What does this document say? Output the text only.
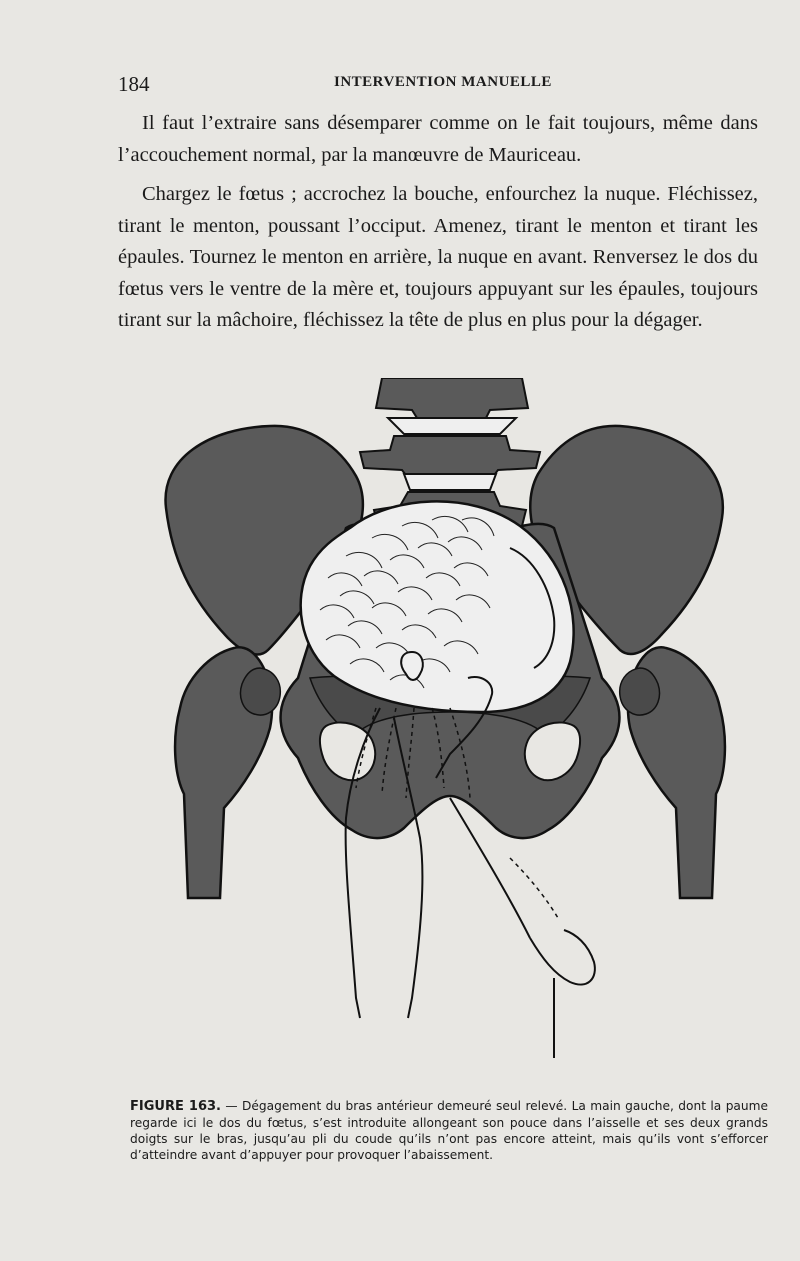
184	INTERVENTION MANUELLE

Il faut l’extraire sans désemparer comme on le fait toujours, même dans l’accouchement normal, par la manœuvre de Mauriceau.

Chargez le fœtus ; accrochez la bouche, enfourchez la nuque. Fléchissez, tirant le menton, poussant l’occiput. Amenez, tirant le menton et tirant les épaules. Tournez le menton en arrière, la nuque en avant. Renversez le dos du fœtus vers le ventre de la mère et, toujours appuyant sur les épaules, toujours tirant sur la mâchoire, fléchissez la tête de plus en plus pour la dégager.

FIGURE 163. — Dégagement du bras antérieur demeuré seul relevé. La main gauche, dont la paume regarde ici le dos du fœtus, s’est introduite allongeant son pouce dans l’aisselle et ses deux grands doigts sur le bras, jusqu’au pli du coude qu’ils n’ont pas encore atteint, mais qu’ils vont s’efforcer d’atteindre avant d’appuyer pour provoquer l’abaissement.
